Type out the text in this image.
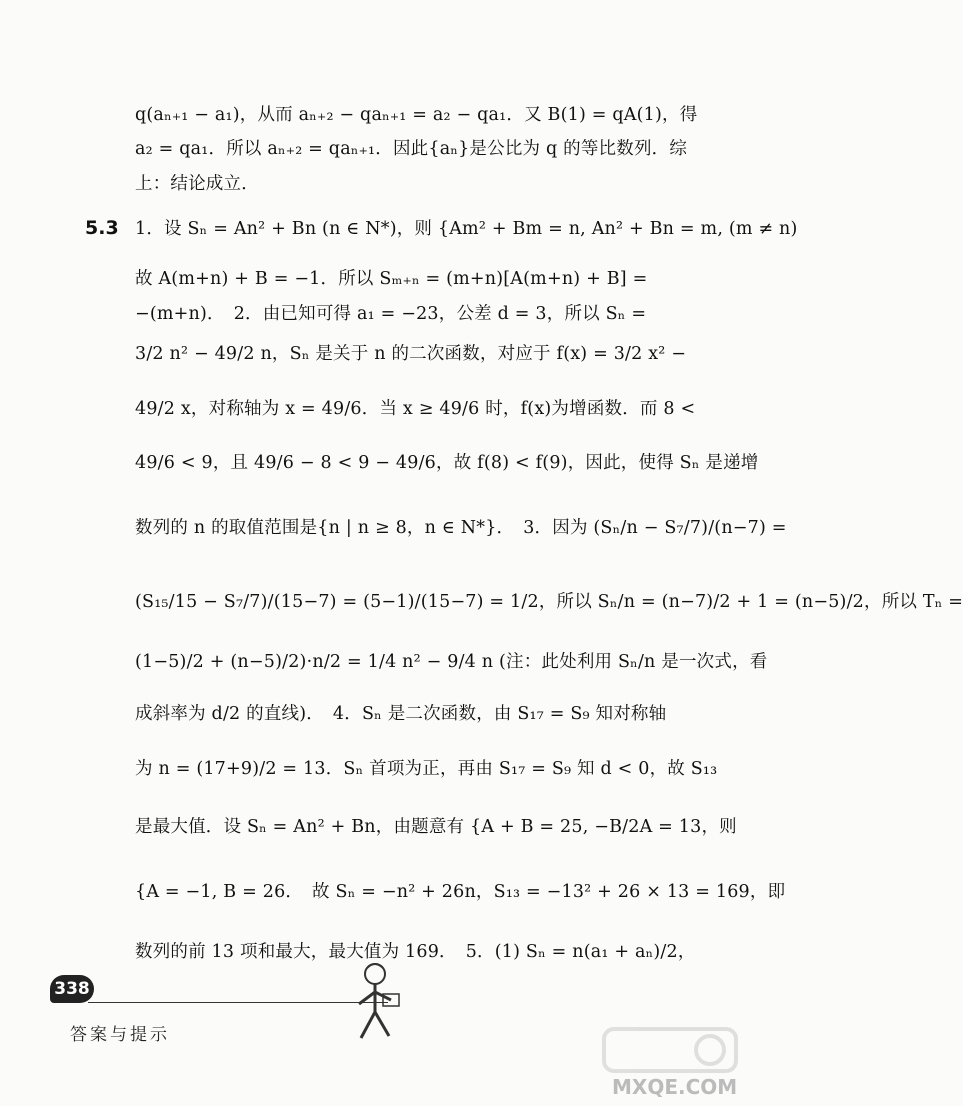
q(aₙ₊₁ − a₁)，从而 aₙ₊₂ − qaₙ₊₁ = a₂ − qa₁．又 B(1) = qA(1)，得
a₂ = qa₁．所以 aₙ₊₂ = qaₙ₊₁．因此{aₙ}是公比为 q 的等比数列．综
上：结论成立．
5.3 1．设 Sₙ = An² + Bn (n ∈ N*)，则 {Am² + Bm = n, An² + Bn = m, (m ≠ n)
故 A(m+n) + B = −1．所以 Sₘ₊ₙ = (m+n)[A(m+n) + B] =
−(m+n)．　2．由已知可得 a₁ = −23，公差 d = 3，所以 Sₙ =
3/2 n² − 49/2 n，Sₙ 是关于 n 的二次函数，对应于 f(x) = 3/2 x² −
49/2 x，对称轴为 x = 49/6．当 x ≥ 49/6 时，f(x)为增函数．而 8 <
49/6 < 9，且 49/6 − 8 < 9 − 49/6，故 f(8) < f(9)，因此，使得 Sₙ 是递增
数列的 n 的取值范围是{n | n ≥ 8，n ∈ N*}．　3．因为 (Sₙ/n − S₇/7)/(n−7) =
(S₁₅/15 − S₇/7)/(15−7) = (5−1)/(15−7) = 1/2，所以 Sₙ/n = (n−7)/2 + 1 = (n−5)/2，所以 Tₙ =
(1−5)/2 + (n−5)/2)·n/2 = 1/4 n² − 9/4 n (注：此处利用 Sₙ/n 是一次式，看
成斜率为 d/2 的直线)．　4．Sₙ 是二次函数，由 S₁₇ = S₉ 知对称轴
为 n = (17+9)/2 = 13．Sₙ 首项为正，再由 S₁₇ = S₉ 知 d < 0，故 S₁₃
是最大值．设 Sₙ = An² + Bn，由题意有 {A + B = 25, −B/2A = 13，则
{A = −1, B = 26．　故 Sₙ = −n² + 26n，S₁₃ = −13² + 26 × 13 = 169，即
数列的前 13 项和最大，最大值为 169．　5．(1) Sₙ = n(a₁ + aₙ)/2，
338
答案与提示
MXQE.COM
